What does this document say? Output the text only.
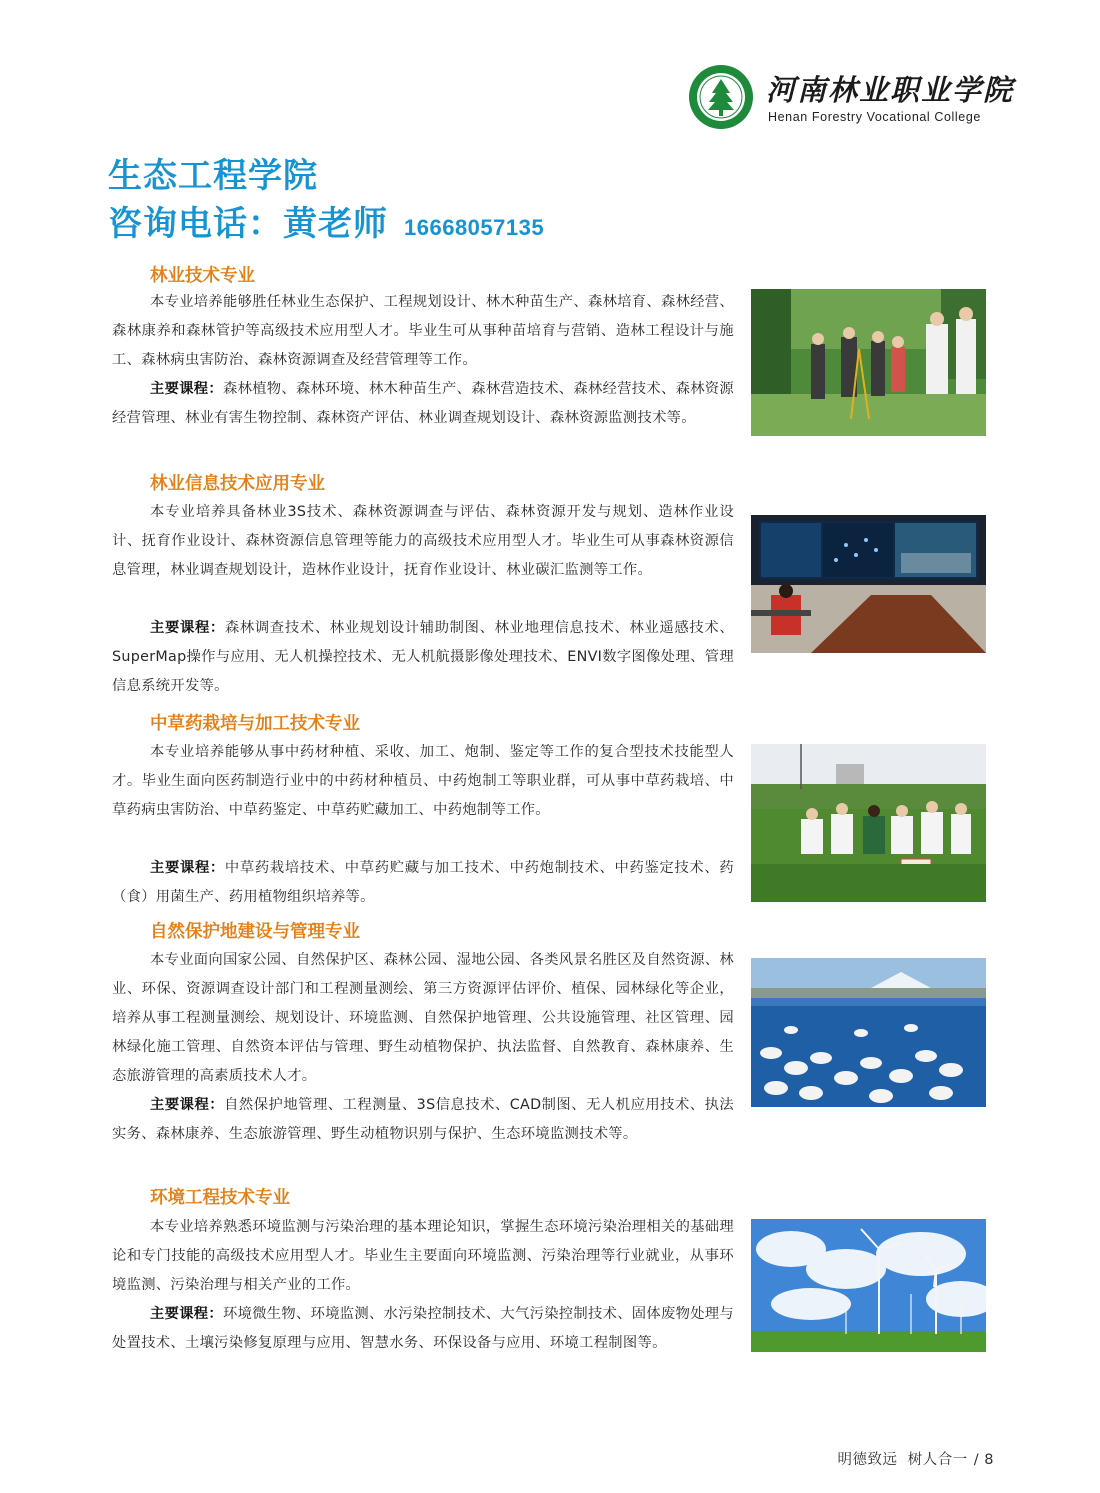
河南林业职业学院
Henan Forestry Vocational College
生态工程学院
咨询电话：黄老师 16668057135
林业技术专业

本专业培养能够胜任林业生态保护、工程规划设计、林木种苗生产、森林培育、森林经营、森林康养和森林管护等高级技术应用型人才。毕业生可从事种苗培育与营销、造林工程设计与施工、森林病虫害防治、森林资源调查及经营管理等工作。

主要课程：森林植物、森林环境、林木种苗生产、森林营造技术、森林经营技术、森林资源经营管理、林业有害生物控制、森林资产评估、林业调查规划设计、森林资源监测技术等。

林业信息技术应用专业

本专业培养具备林业3S技术、森林资源调查与评估、森林资源开发与规划、造林作业设计、抚育作业设计、森林资源信息管理等能力的高级技术应用型人才。毕业生可从事森林资源信息管理，林业调查规划设计，造林作业设计，抚育作业设计、林业碳汇监测等工作。

主要课程：森林调查技术、林业规划设计辅助制图、林业地理信息技术、林业遥感技术、SuperMap操作与应用、无人机操控技术、无人机航摄影像处理技术、ENVI数字图像处理、管理信息系统开发等。

中草药栽培与加工技术专业

本专业培养能够从事中药材种植、采收、加工、炮制、鉴定等工作的复合型技术技能型人才。毕业生面向医药制造行业中的中药材种植员、中药炮制工等职业群，可从事中草药栽培、中草药病虫害防治、中草药鉴定、中草药贮藏加工、中药炮制等工作。

主要课程：中草药栽培技术、中草药贮藏与加工技术、中药炮制技术、中药鉴定技术、药（食）用菌生产、药用植物组织培养等。

自然保护地建设与管理专业

本专业面向国家公园、自然保护区、森林公园、湿地公园、各类风景名胜区及自然资源、林业、环保、资源调查设计部门和工程测量测绘、第三方资源评估评价、植保、园林绿化等企业，培养从事工程测量测绘、规划设计、环境监测、自然保护地管理、公共设施管理、社区管理、园林绿化施工管理、自然资本评估与管理、野生动植物保护、执法监督、自然教育、森林康养、生态旅游管理的高素质技术人才。

主要课程：自然保护地管理、工程测量、3S信息技术、CAD制图、无人机应用技术、执法实务、森林康养、生态旅游管理、野生动植物识别与保护、生态环境监测技术等。

环境工程技术专业

本专业培养熟悉环境监测与污染治理的基本理论知识，掌握生态环境污染治理相关的基础理论和专门技能的高级技术应用型人才。毕业生主要面向环境监测、污染治理等行业就业，从事环境监测、污染治理与相关产业的工作。

主要课程：环境微生物、环境监测、水污染控制技术、大气污染控制技术、固体废物处理与处置技术、土壤污染修复原理与应用、智慧水务、环保设备与应用、环境工程制图等。

明德致远  树人合一 / 8
